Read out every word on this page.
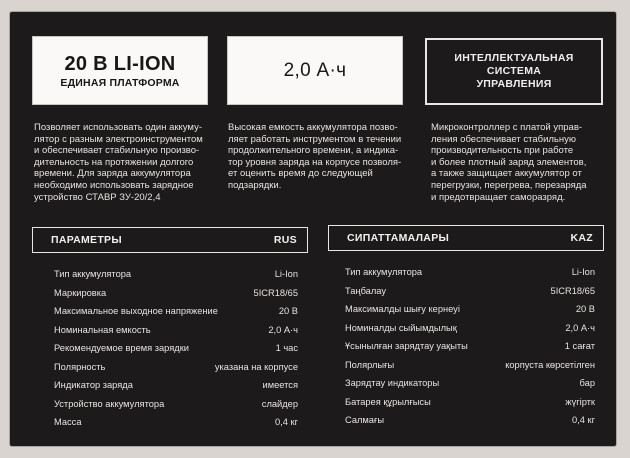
20 В LI-ION
ЕДИНАЯ ПЛАТФОРМА
2,0 А·ч
ИНТЕЛЛЕКТУАЛЬНАЯ
СИСТЕМА
УПРАВЛЕНИЯ
Позволяет использовать один аккуму-
лятор с разным электроинструментом
и обеспечивает стабильную произво-
дительность на протяжении долгого
времени. Для заряда аккумулятора
необходимо использовать зарядное
устройство СТАВР ЗУ-20/2,4
Высокая емкость аккумулятора позво-
ляет работать инструментом в течении
продолжительного времени, а индика-
тор уровня заряда на корпусе позволя-
ет оценить время до следующей
подзарядки.
Микроконтроллер с платой управ-
ления обеспечивает стабильную
производительность при работе
и более плотный заряд элементов,
а также защищает аккумулятор от
перегрузки, перегрева, перезаряда
и предотвращает саморазряд.
ПАРАМЕТРЫ	RUS	СИПАТТАМАЛАРЫ	KAZ
Тип аккумулятора	Li-Ion
Маркировка	5ICR18/65
Максимальное выходное напряжение	20 В
Номинальная емкость	2,0 А·ч
Рекомендуемое время зарядки	1 час
Полярность	указана на корпусе
Индикатор заряда	имеется
Устройство аккумулятора	слайдер
Масса	0,4 кг
Тип аккумулятора	Li-Ion
Таңбалау	5ICR18/65
Максималды шығу кернеуі	20 В
Номиналды сыйымдылық	2,0 А·ч
Ұсынылған зарядтау уақыты	1 сағат
Полярлығы	корпуста көрсетілген
Зарядтау индикаторы	бар
Батарея құрылғысы	жүгіртк
Салмағы	0,4 кг
